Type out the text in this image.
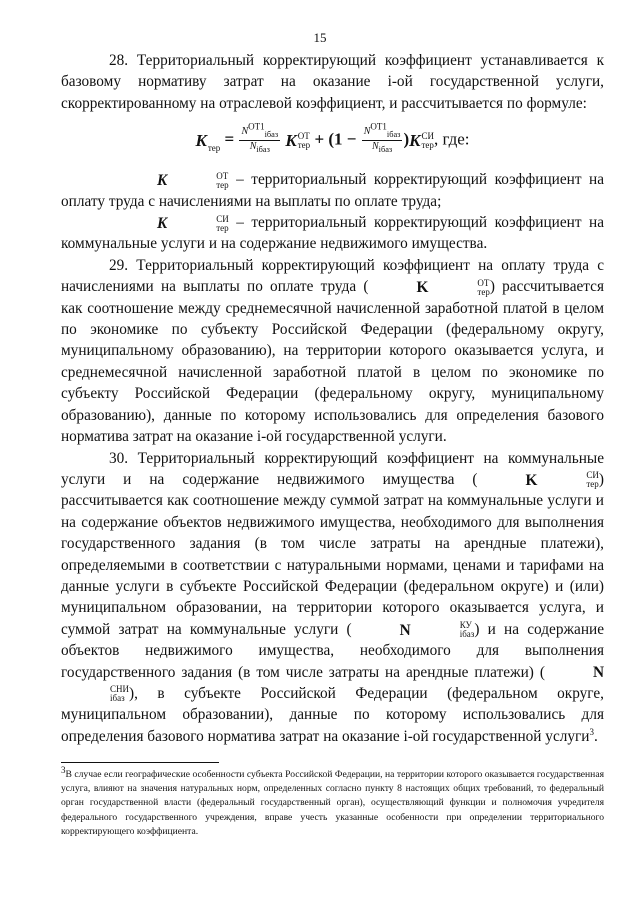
15

28. Территориальный корректирующий коэффициент устанавливается к базовому нормативу затрат на оказание i-ой государственной услуги, скорректированному на отраслевой коэффициент, и рассчитывается по формуле:

K тер = $\frac{N^{ОТ1}_{iбаз}}{N_{iбаз}}$ K ОТ
тер + $(1 - \frac{N^{ОТ1}_{iбаз}}{N_{iбаз}} )K$ СИ
тер , где:

K	ОТ
тер – территориальный корректирующий коэффициент на оплату труда с начислениями на выплаты по оплате труда;

K	СИ
тер – территориальный корректирующий коэффициент на коммунальные услуги и на содержание недвижимого имущества.

29. Территориальный корректирующий коэффициент на оплату труда с начислениями на выплаты по оплате труда (	K	ОТ
тер ) рассчитывается как соотношение между среднемесячной начисленной заработной платой в целом по экономике по субъекту Российской Федерации (федеральному округу, муниципальному образованию), на территории которого оказывается услуга, и среднемесячной начисленной заработной платой в целом по экономике по субъекту Российской Федерации (федеральному округу, муниципальному образованию), данные по которому использовались для определения базового норматива затрат на оказание i-ой государственной услуги.

30. Территориальный корректирующий коэффициент на коммунальные услуги и на содержание недвижимого имущества (	K	СИ
тер ) рассчитывается как соотношение между суммой затрат на коммунальные услуги и на содержание объектов недвижимого имущества, необходимого для выполнения государственного задания (в том числе затраты на арендные платежи), определяемыми в соответствии с натуральными нормами, ценами и тарифами на данные услуги в субъекте Российской Федерации (федеральном округе) и (или) муниципальном образовании, на территории которого оказывается услуга, и суммой затрат на коммунальные услуги (	N	КУ
iбаз ) и на содержание объектов недвижимого имущества, необходимого для выполнения государственного задания (в том числе затраты на арендные платежи) (	N
СНИ
iбаз ), в субъекте Российской Федерации (федеральном округе, муниципальном образовании), данные по которому использовались для определения базового норматива затрат на оказание i-ой государственной услуги$^3$.

$^3$В случае если географические особенности субъекта Российской Федерации, на территории которого оказывается государственная услуга, влияют на значения натуральных норм, определенных согласно пункту 8 настоящих общих требований, то федеральный орган государственной власти (федеральный государственный орган), осуществляющий функции и полномочия учредителя федерального государственного учреждения, вправе учесть указанные особенности при определении территориального корректирующего коэффициента.
